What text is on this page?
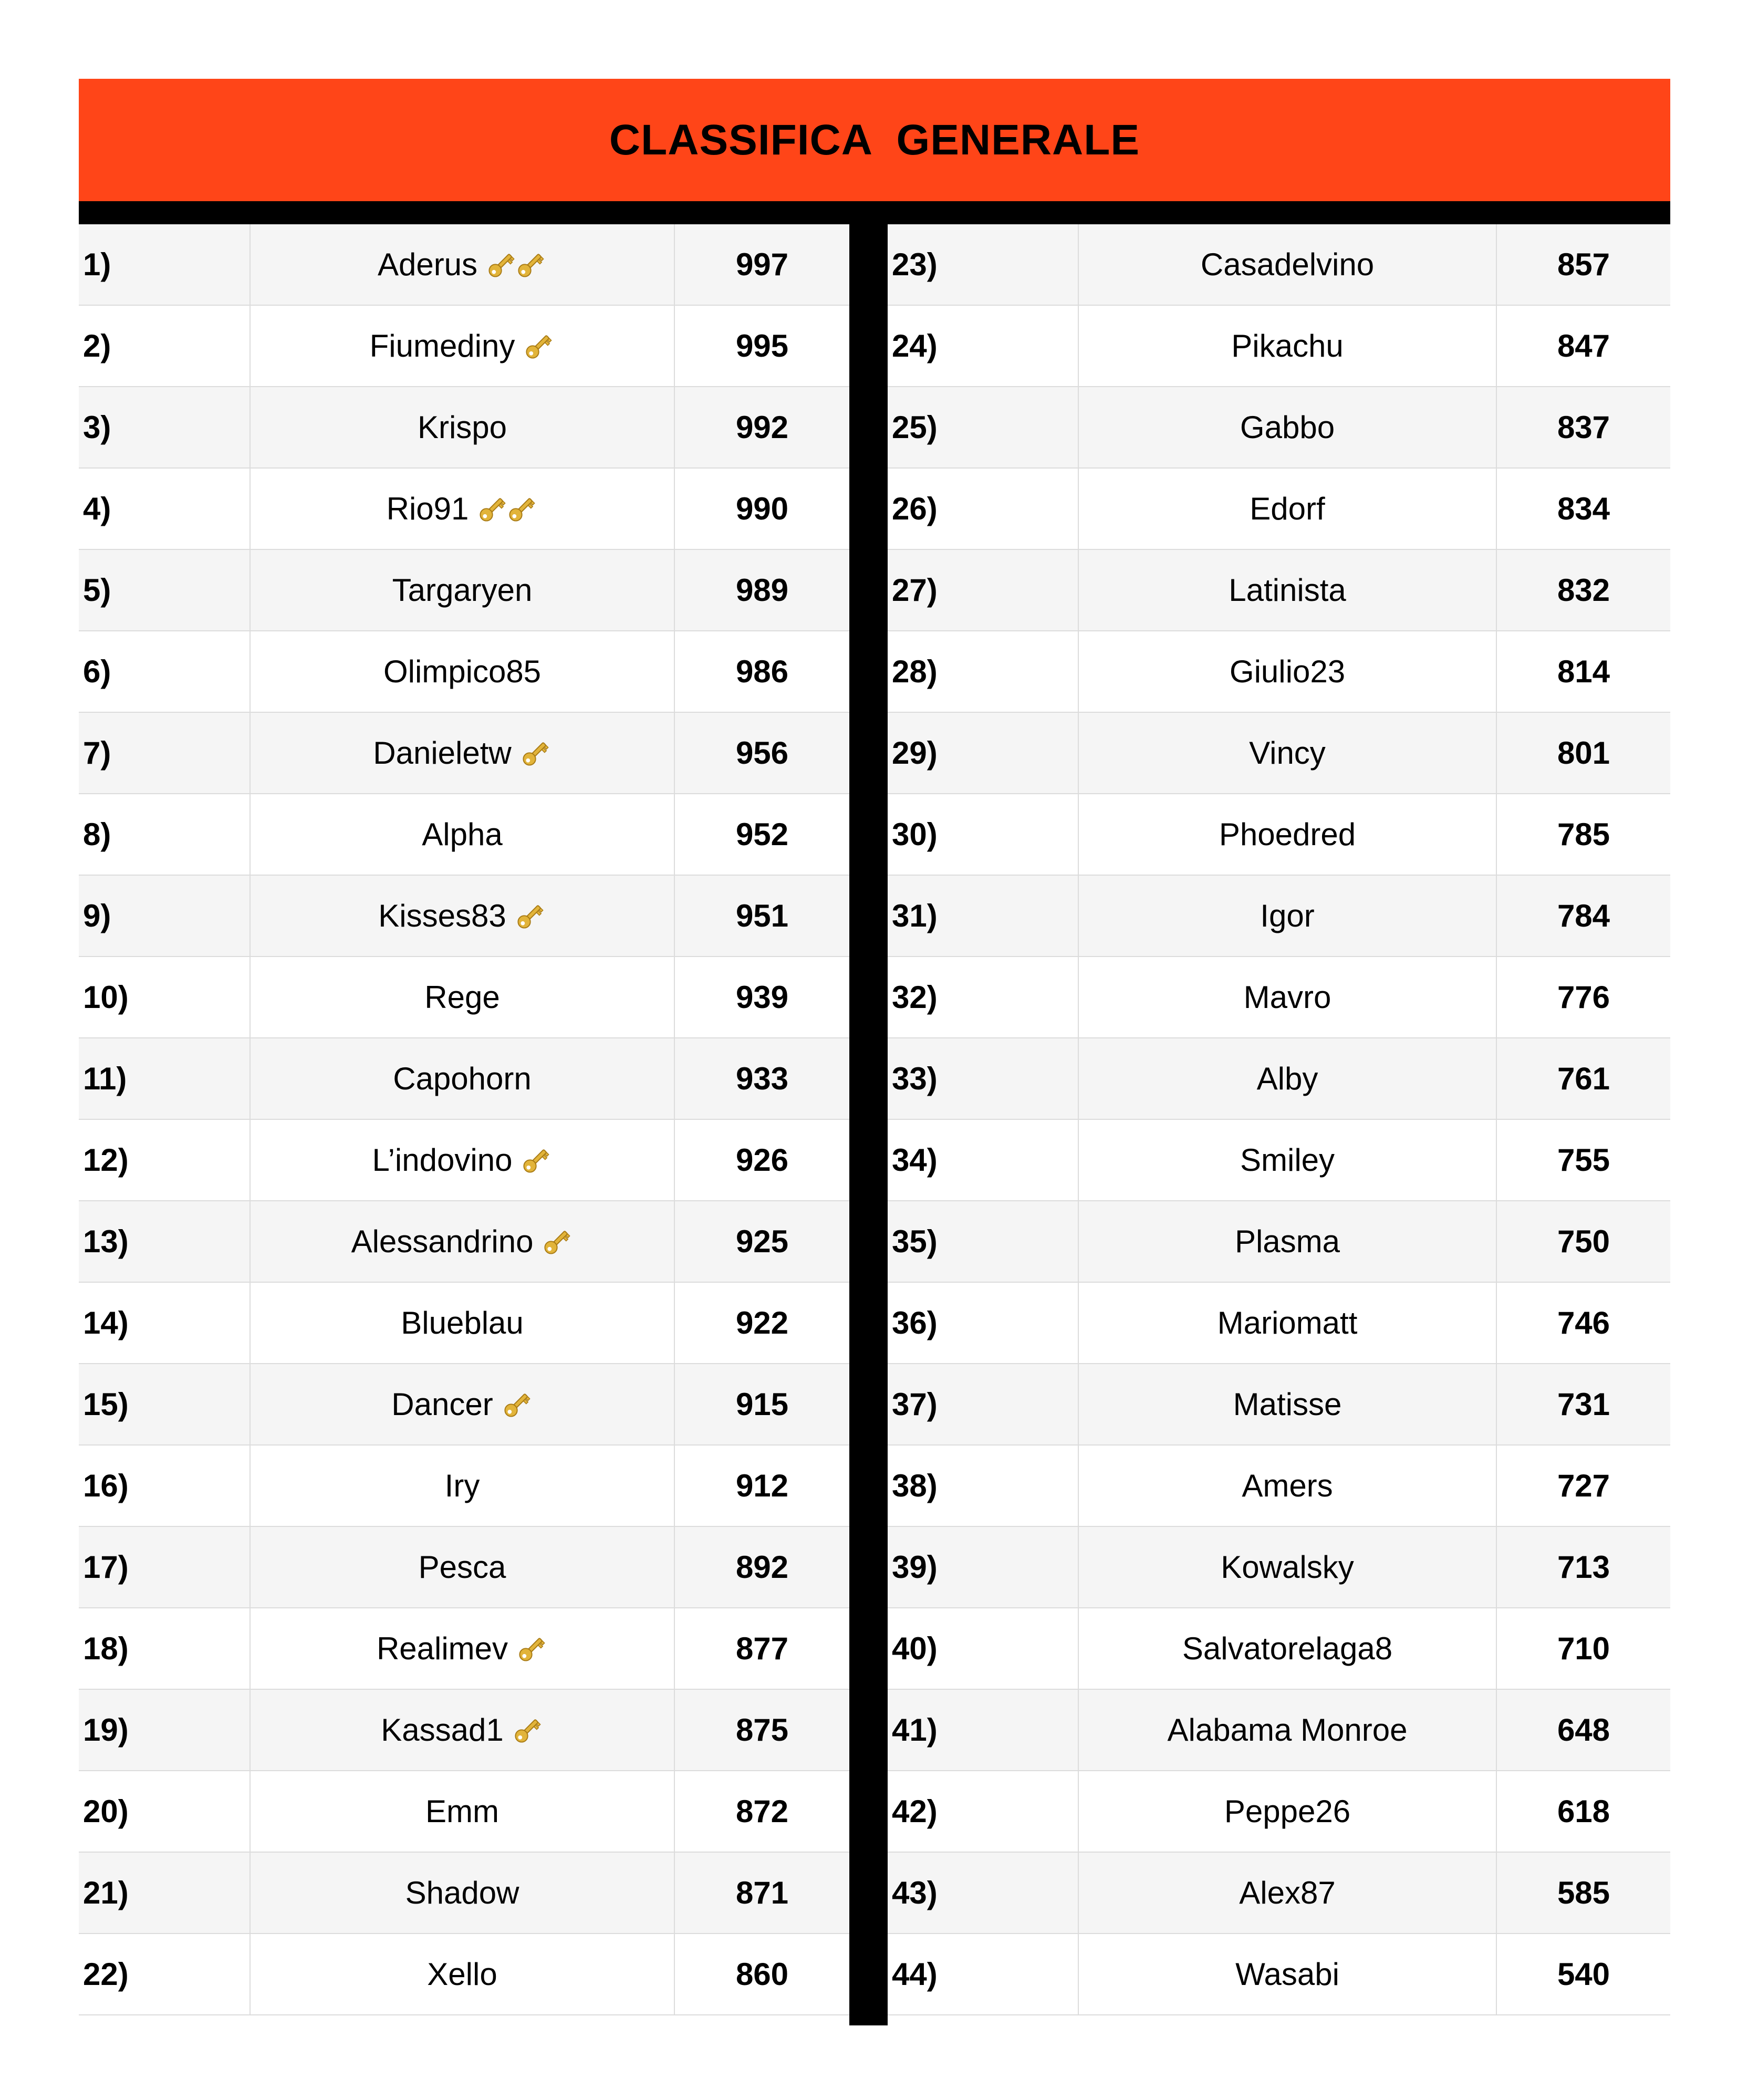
CLASSIFICA  GENERALE
1)	Aderus	997
2)	Fiumediny	995
3)	Krispo	992
4)	Rio91	990
5)	Targaryen	989
6)	Olimpico85	986
7)	Danieletw	956
8)	Alpha	952
9)	Kisses83	951
10)	Rege	939
11)	Capohorn	933
12)	L’indovino	926
13)	Alessandrino	925
14)	Blueblau	922
15)	Dancer	915
16)	Iry	912
17)	Pesca	892
18)	Realimev	877
19)	Kassad1	875
20)	Emm	872
21)	Shadow	871
22)	Xello	860
23)	Casadelvino	857
24)	Pikachu	847
25)	Gabbo	837
26)	Edorf	834
27)	Latinista	832
28)	Giulio23	814
29)	Vincy	801
30)	Phoedred	785
31)	Igor	784
32)	Mavro	776
33)	Alby	761
34)	Smiley	755
35)	Plasma	750
36)	Mariomatt	746
37)	Matisse	731
38)	Amers	727
39)	Kowalsky	713
40)	Salvatorelaga8	710
41)	Alabama Monroe	648
42)	Peppe26	618
43)	Alex87	585
44)	Wasabi	540
